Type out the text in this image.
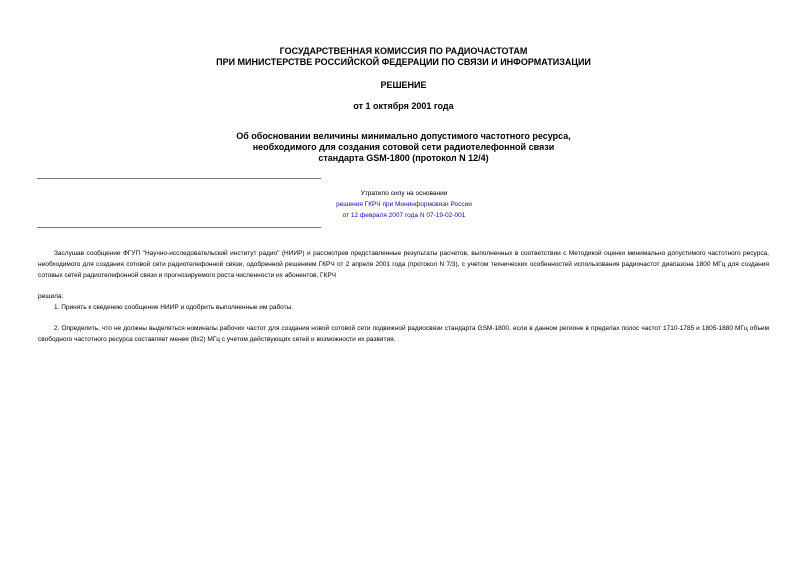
ГОСУДАРСТВЕННАЯ КОМИССИЯ ПО РАДИОЧАСТОТАМ
ПРИ МИНИСТЕРСТВЕ РОССИЙСКОЙ ФЕДЕРАЦИИ ПО СВЯЗИ И ИНФОРМАТИЗАЦИИ
РЕШЕНИЕ
от 1 октября 2001 года
Об обосновании величины минимально допустимого частотного ресурса,
необходимого для создания сотовой сети радиотелефонной связи
стандарта GSM-1800 (протокол N 12/4)
Утратило силу на основании
решения ГКРЧ при Мининформсвязи России
от 12 февраля 2007 года N 07-19-02-001
Заслушав сообщение ФГУП "Научно-исследовательский институт радио" (НИИР) и рассмотрев представленные результаты расчетов, выполненных в соответствии с Методикой оценки минимально допустимого частотного ресурса, необходимого для создания сотовой сети радиотелефонной связи, одобренной решением ГКРЧ от 2 апреля 2001 года (протокол N 7/3), с учетом технических особенностей использования радиочастот диапазона 1800 МГц для создания сотовых сетей радиотелефонной связи и прогнозируемого роста численности их абонентов, ГКРЧ
решила:
1. Принять к сведению сообщение НИИР и одобрить выполненные им работы.
2. Определить, что не должны выделяться номиналы рабочих частот для создания новой сотовой сети подвижной радиосвязи стандарта GSM-1800, если в данном регионе в пределах полос частот 1710-1785 и 1805-1880 МГц объем свободного частотного ресурса составляет менее (8x2) МГц с учетом действующих сетей и возможности их развития.
